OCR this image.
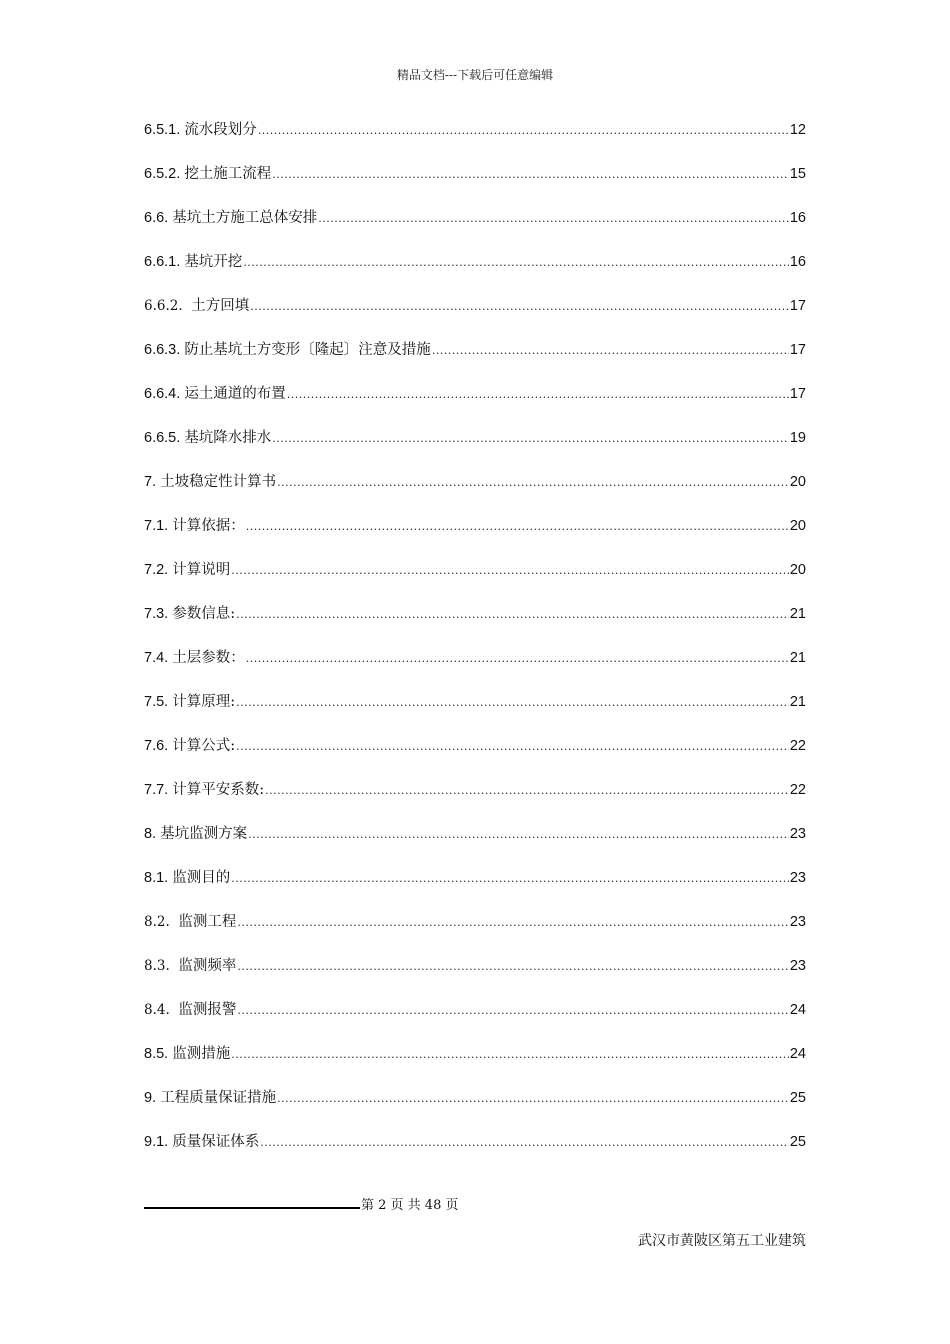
精品文档---下载后可任意编辑
6.5.1. 流水段划分 .....	12
6.5.2. 挖土施工流程 .....	15
6.6. 基坑土方施工总体安排 .....	16
6.6.1. 基坑开挖 .....	16
6.6.2. 土方回填 .....	17
6.6.3. 防止基坑土方变形〔隆起〕注意及措施 .....	17
6.6.4. 运土通道的布置 .....	17
6.6.5. 基坑降水排水 .....	19
7. 土坡稳定性计算书 .....	20
7.1. 计算依据： .....	20
7.2. 计算说明 .....	20
7.3. 参数信息: .....	21
7.4. 土层参数： .....	21
7.5. 计算原理: .....	21
7.6. 计算公式: .....	22
7.7. 计算平安系数: .....	22
8. 基坑监测方案 .....	23
8.1. 监测目的 .....	23
8.2. 监测工程 .....	23
8.3. 监测频率 .....	23
8.4. 监测报警 .....	24
8.5. 监测措施 .....	24
9. 工程质量保证措施 .....	25
9.1. 质量保证体系 .....	25
第 2 页 共 48 页
武汉市黄陂区第五工业建筑
